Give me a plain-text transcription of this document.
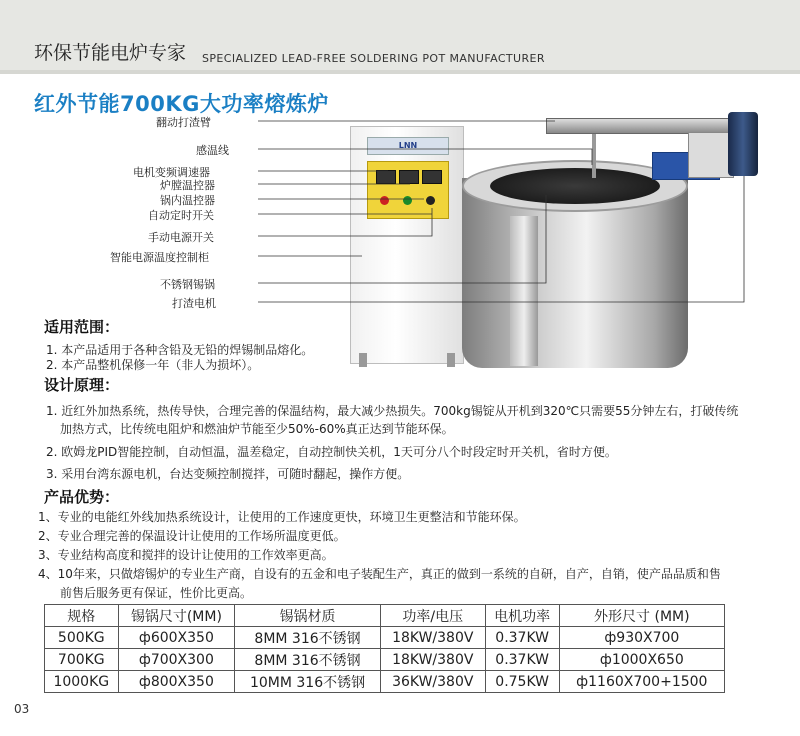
环保节能电炉专家 SPECIALIZED LEAD-FREE SOLDERING POT MANUFACTURER
红外节能700KG大功率熔炼炉
LNN
翻动打渣臂
感温线
电机变频调速器
炉膛温控器
锅内温控器
自动定时开关
手动电源开关
智能电源温度控制柜
不锈钢锡锅
打渣电机
适用范围：
1. 本产品适用于各种含铅及无铅的焊锡制品熔化。
2. 本产品整机保修一年（非人为损坏）。
设计原理：
1. 近红外加热系统，热传导快，合理完善的保温结构，最大减少热损失。700kg锡锭从开机到320℃只需要55分钟左右，打破传统
加热方式，比传统电阻炉和燃油炉节能至少50%-60%真正达到节能环保。
2. 欧姆龙PID智能控制，自动恒温，温差稳定，自动控制快关机，1天可分八个时段定时开关机，省时方便。
3. 采用台湾东源电机，台达变频控制搅拌，可随时翻起，操作方便。
产品优势：
1、专业的电能红外线加热系统设计，让使用的工作速度更快，环境卫生更整洁和节能环保。
2、专业合理完善的保温设计让使用的工作场所温度更低。
3、专业结构高度和搅拌的设计让使用的工作效率更高。
4、10年来，只做熔锡炉的专业生产商，自设有的五金和电子装配生产，真正的做到一系统的自研，自产，自销，使产品品质和售
前售后服务更有保证，性价比更高。
规格	锡锅尺寸(MM)	锡锅材质	功率/电压	电机功率	外形尺寸 (MM)
500KG	ф600X350	8MM 316不锈钢	18KW/380V	0.37KW	ф930X700
700KG	ф700X300	8MM 316不锈钢	18KW/380V	0.37KW	ф1000X650
1000KG	ф800X350	10MM 316不锈钢	36KW/380V	0.75KW	ф1160X700+1500
03
